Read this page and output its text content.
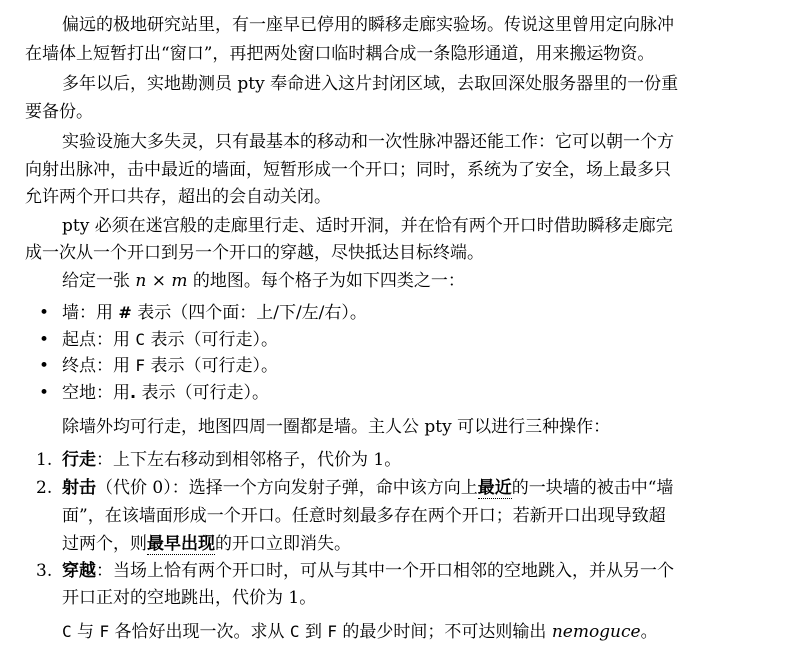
偏远的极地研究站里，有一座早已停用的瞬移走廊实验场。传说这里曾用定向脉冲
在墙体上短暂打出“窗口”，再把两处窗口临时耦合成一条隐形通道，用来搬运物资。
多年以后，实地勘测员 pty 奉命进入这片封闭区域，去取回深处服务器里的一份重
要备份。
实验设施大多失灵，只有最基本的移动和一次性脉冲器还能工作：它可以朝一个方
向射出脉冲，击中最近的墙面，短暂形成一个开口；同时，系统为了安全，场上最多只
允许两个开口共存，超出的会自动关闭。
pty 必须在迷宫般的走廊里行走、适时开洞，并在恰有两个开口时借助瞬移走廊完
成一次从一个开口到另一个开口的穿越，尽快抵达目标终端。
给定一张 n × m 的地图。每个格子为如下四类之一：
• 墙：用 # 表示（四个面：上/下/左/右）。
• 起点：用 C 表示（可行走）。
• 终点：用 F 表示（可行走）。
• 空地：用. 表示（可行走）。
除墙外均可行走，地图四周一圈都是墙。主人公 pty 可以进行三种操作：
1. 行走：上下左右移动到相邻格子，代价为 1。
2. 射击（代价 0）：选择一个方向发射子弹，命中该方向上最近的一块墙的被击中“墙
面”，在该墙面形成一个开口。任意时刻最多存在两个开口；若新开口出现导致超
过两个，则最早出现的开口立即消失。
3. 穿越：当场上恰有两个开口时，可从与其中一个开口相邻的空地跳入，并从另一个
开口正对的空地跳出，代价为 1。
C 与 F 各恰好出现一次。求从 C 到 F 的最少时间；不可达则输出 nemoguce。
